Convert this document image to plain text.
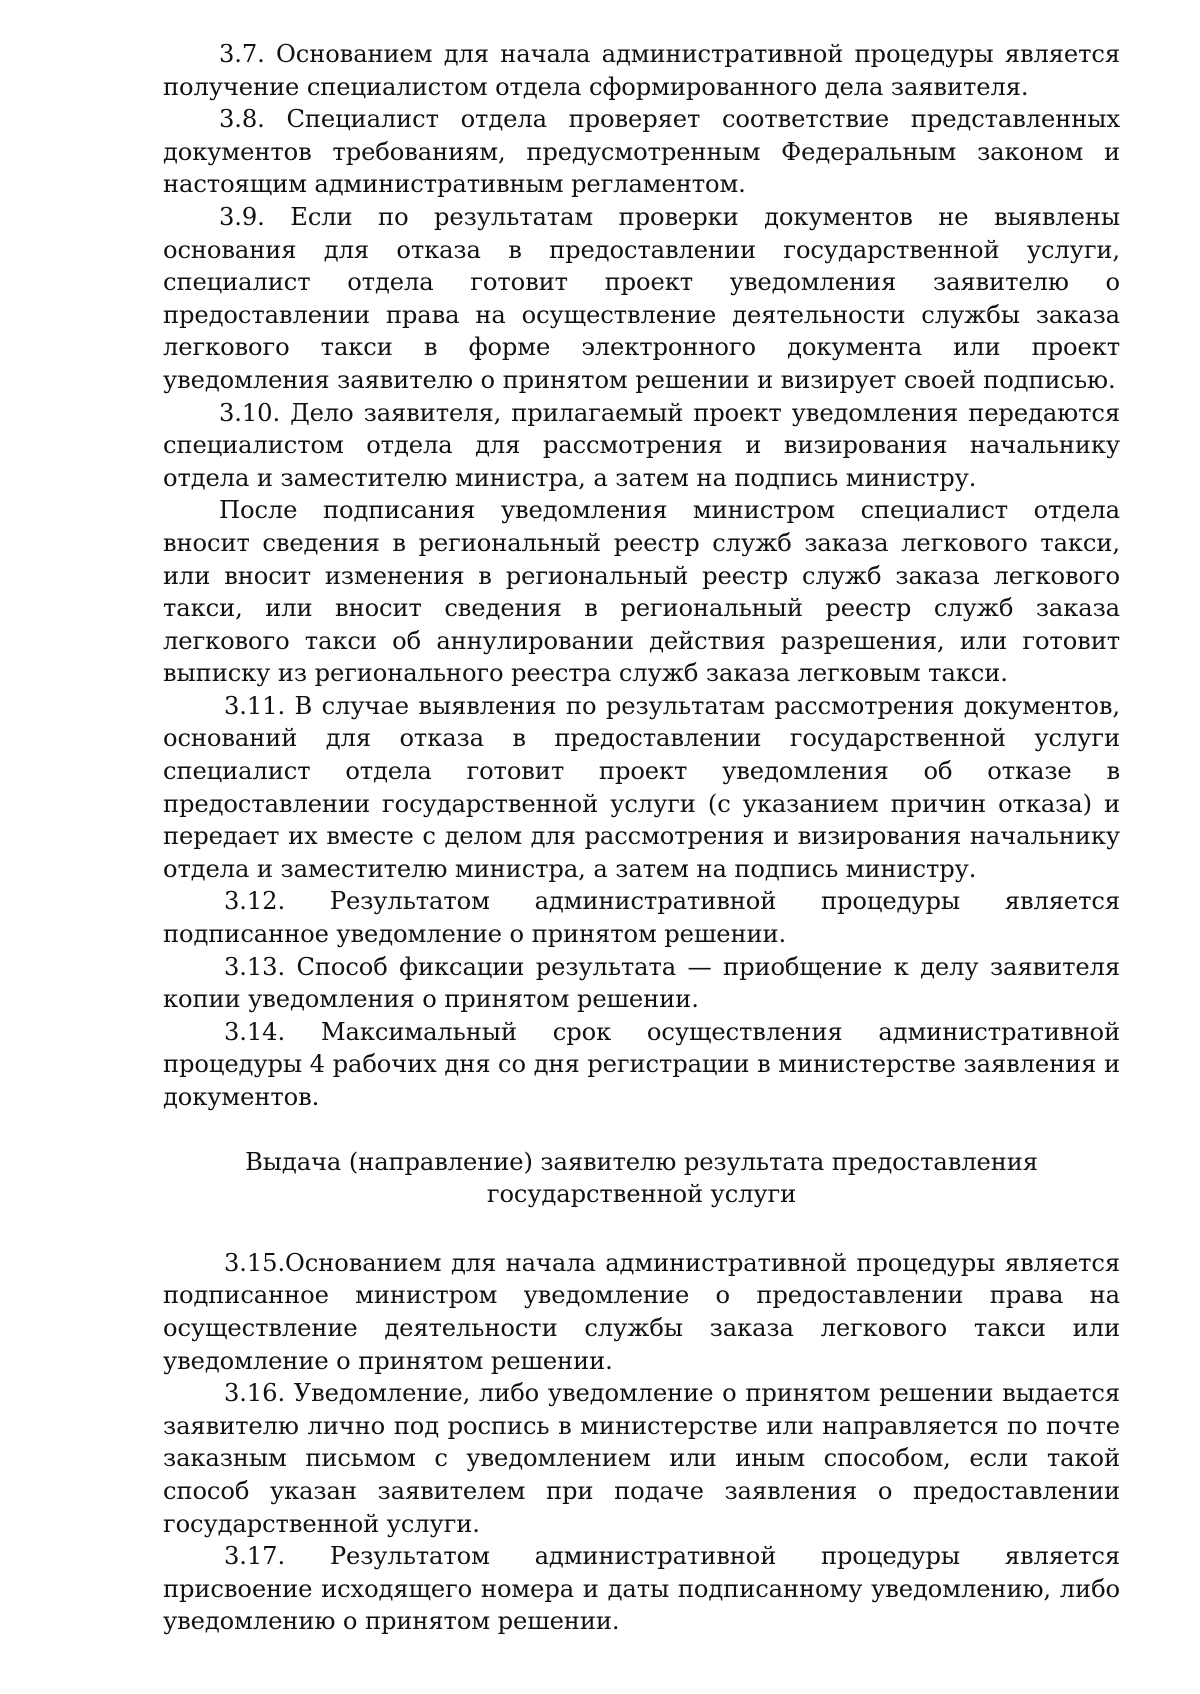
3.7. Основанием для начала административной процедуры является получение специалистом отдела сформированного дела заявителя.

3.8. Специалист отдела проверяет соответствие представленных документов требованиям, предусмотренным Федеральным законом и настоящим административным регламентом.

3.9. Если по результатам проверки документов не выявлены основания для отказа в предоставлении государственной услуги, специалист отдела готовит проект уведомления заявителю о предоставлении права на осуществление деятельности службы заказа легкового такси в форме электронного документа или проект уведомления заявителю о принятом решении и визирует своей подписью.

3.10. Дело заявителя, прилагаемый проект уведомления передаются специалистом отдела для рассмотрения и визирования начальнику отдела и заместителю министра, а затем на подпись министру.

После подписания уведомления министром специалист отдела вносит сведения в региональный реестр служб заказа легкового такси, или вносит изменения в региональный реестр служб заказа легкового такси, или вносит сведения в региональный реестр служб заказа легкового такси об аннулировании действия разрешения, или готовит выписку из регионального реестра служб заказа легковым такси.

3.11. В случае выявления по результатам рассмотрения документов, оснований для отказа в предоставлении государственной услуги специалист отдела готовит проект уведомления об отказе в предоставлении государственной услуги (с указанием причин отказа) и передает их вместе с делом для рассмотрения и визирования начальнику отдела и заместителю министра, а затем на подпись министру.

3.12. Результатом административной процедуры является подписанное уведомление о принятом решении.

3.13. Способ фиксации результата — приобщение к делу заявителя копии уведомления о принятом решении.

3.14. Максимальный срок осуществления административной процедуры 4 рабочих дня со дня регистрации в министерстве заявления и документов.

Выдача (направление) заявителю результата предоставления
государственной услуги

3.15.Основанием для начала административной процедуры является подписанное министром уведомление о предоставлении права на осуществление деятельности службы заказа легкового такси или уведомление о принятом решении.

3.16. Уведомление, либо уведомление о принятом решении выдается заявителю лично под роспись в министерстве или направляется по почте заказным письмом с уведомлением или иным способом, если такой способ указан заявителем при подаче заявления о предоставлении государственной услуги.

3.17. Результатом административной процедуры является присвоение исходящего номера и даты подписанному уведомлению, либо уведомлению о принятом решении.
